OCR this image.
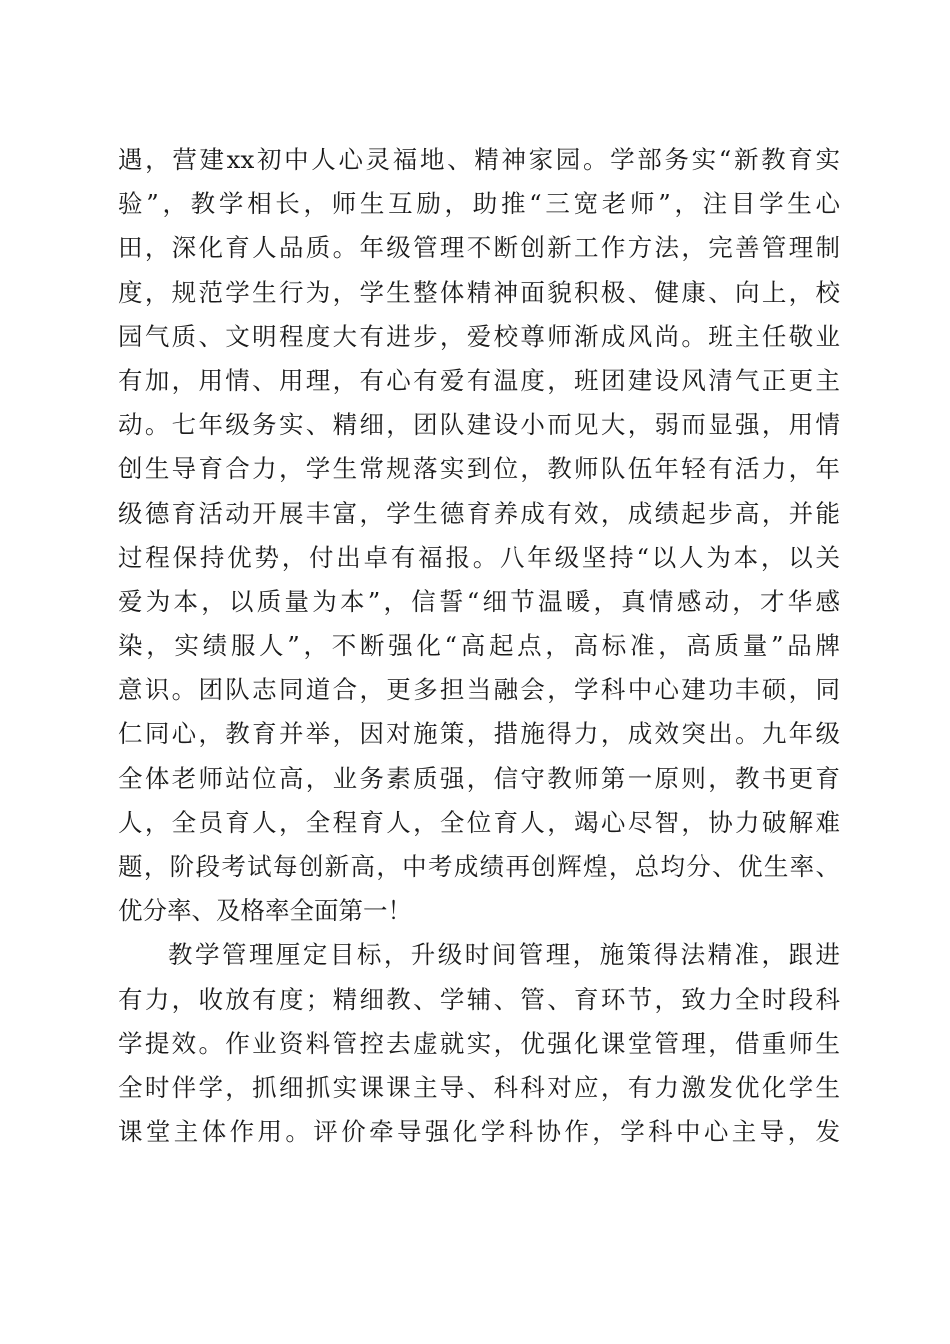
遇，营建xx初中人心灵福地、精神家园。学部务实“新教育实
验”，教学相长，师生互励，助推“三宽老师”，注目学生心
田，深化育人品质。年级管理不断创新工作方法，完善管理制
度，规范学生行为，学生整体精神面貌积极、健康、向上，校
园气质、文明程度大有进步，爱校尊师渐成风尚。班主任敬业
有加，用情、用理，有心有爱有温度，班团建设风清气正更主
动。七年级务实、精细，团队建设小而见大，弱而显强，用情
创生导育合力，学生常规落实到位，教师队伍年轻有活力，年
级德育活动开展丰富，学生德育养成有效，成绩起步高，并能
过程保持优势，付出卓有福报。八年级坚持“以人为本，以关
爱为本，以质量为本”，信誓“细节温暖，真情感动，才华感
染，实绩服人”，不断强化“高起点，高标准，高质量”品牌
意识。团队志同道合，更多担当融会，学科中心建功丰硕，同
仁同心，教育并举，因对施策，措施得力，成效突出。九年级
全体老师站位高，业务素质强，信守教师第一原则，教书更育
人，全员育人，全程育人，全位育人，竭心尽智，协力破解难
题，阶段考试每创新高，中考成绩再创辉煌，总均分、优生率、
优分率、及格率全面第一！
教学管理厘定目标，升级时间管理，施策得法精准，跟进
有力，收放有度；精细教、学辅、管、育环节，致力全时段科
学提效。作业资料管控去虚就实，优强化课堂管理，借重师生
全时伴学，抓细抓实课课主导、科科对应，有力激发优化学生
课堂主体作用。评价牵导强化学科协作，学科中心主导，发
